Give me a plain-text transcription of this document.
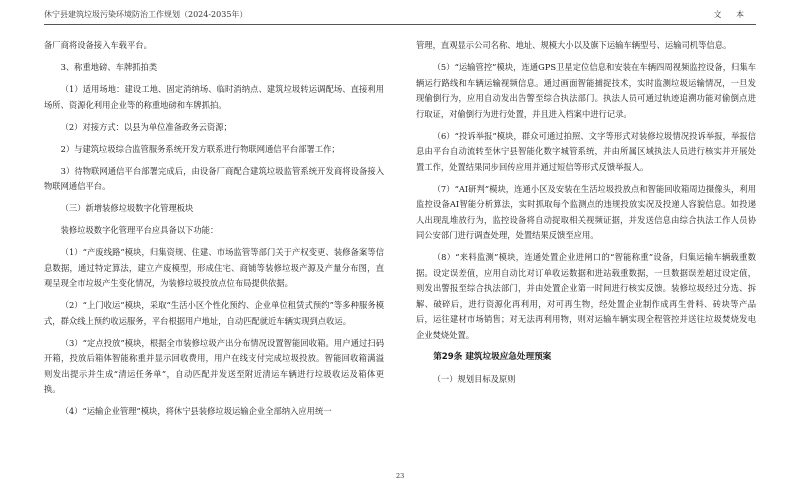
休宁县建筑垃圾污染环境防治工作规划（2024-2035年）	文 本

备厂商将设备接入车载平台。

3、称重地磅、车牌抓拍类

（1）适用场地：建设工地、固定消纳场、临时消纳点、建筑垃圾转运调配场、直接利用场所、资源化利用企业等的称重地磅和车牌抓拍。

（2）对接方式：以县为单位准备政务云资源；

2）与建筑垃圾综合监管服务系统开发方联系进行物联网通信平台部署工作；

3）待物联网通信平台部署完成后，由设备厂商配合建筑垃圾监管系统开发商将设备接入物联网通信平台。

（三）新增装修垃圾数字化管理板块

装修垃圾数字化管理平台应具备以下功能：

（1）“产废线路”模块，归集资规、住建、市场监管等部门关于产权变更、装修备案等信息数据，通过特定算法，建立产废模型，形成住宅、商铺等装修垃圾产源及产量分布图，直观呈现全市垃圾产生变化情况，为装修垃圾投放点位布局提供依据。

（2）“上门收运”模块，采取“生活小区个性化预约、企业单位租赁式预约”等多种服务模式，群众线上预约收运服务，平台根据用户地址，自动匹配就近车辆实现到点收运。

（3）“定点投放”模块，根据全市装修垃圾产出分布情况设置智能回收箱。用户通过扫码开箱，投放后箱体智能称重并显示回收费用，用户在线支付完成垃圾投放。智能回收箱满溢则发出提示并生成“清运任务单”，自动匹配并发送至附近清运车辆进行垃圾收运及箱体更换。

（4）“运输企业管理”模块，将休宁县装修垃圾运输企业全部纳入应用统一

管理，直观显示公司名称、地址、规模大小以及旗下运输车辆型号、运输司机等信息。

（5）“运输管控”模块，连通GPS卫星定位信息和安装在车辆四周视频监控设备，归集车辆运行路线和车辆运输视频信息。通过画面智能捕捉技术，实时监测垃圾运输情况，一旦发现偷倒行为，应用自动发出告警至综合执法部门。执法人员可通过轨迹追溯功能对偷倒点进行取证，对偷倒行为进行处置，并且进入档案中进行记录。

（6）“投诉举报”模块，群众可通过拍照、文字等形式对装修垃圾情况投诉举报，举报信息由平台自动流转至休宁县智能化数字城管系统，并由所属区域执法人员进行核实并开展处置工作，处置结果同步回传应用并通过短信等形式反馈举报人。

（7）“AI研判”模块，连通小区及安装在生活垃圾投放点和智能回收箱周边摄像头，利用监控设备AI智能分析算法，实时抓取每个监测点的违规投放实况及投递人容貌信息。如投递人出现乱堆放行为，监控设备将自动捉取相关视频证据，并发送信息由综合执法工作人员协同公安部门进行调查处理，处置结果反馈至应用。

（8）“来料监测”模块，连通处置企业进闸口的“智能称重”设备，归集运输车辆载重数据。设定误差值，应用自动比对订单收运数据和进站载重数据，一旦数据误差超过设定值，则发出警报至综合执法部门，并由处置企业第一时间进行核实反馈。装修垃圾经过分选、拆解、破碎后，进行资源化再利用，对可再生物，经处置企业制作成再生骨料、砖块等产品后，运往建材市场销售；对无法再利用物，则对运输车辆实现全程管控并送往垃圾焚烧发电企业焚烧处置。

第29条 建筑垃圾应急处理预案

（一）规划目标及原则

23
